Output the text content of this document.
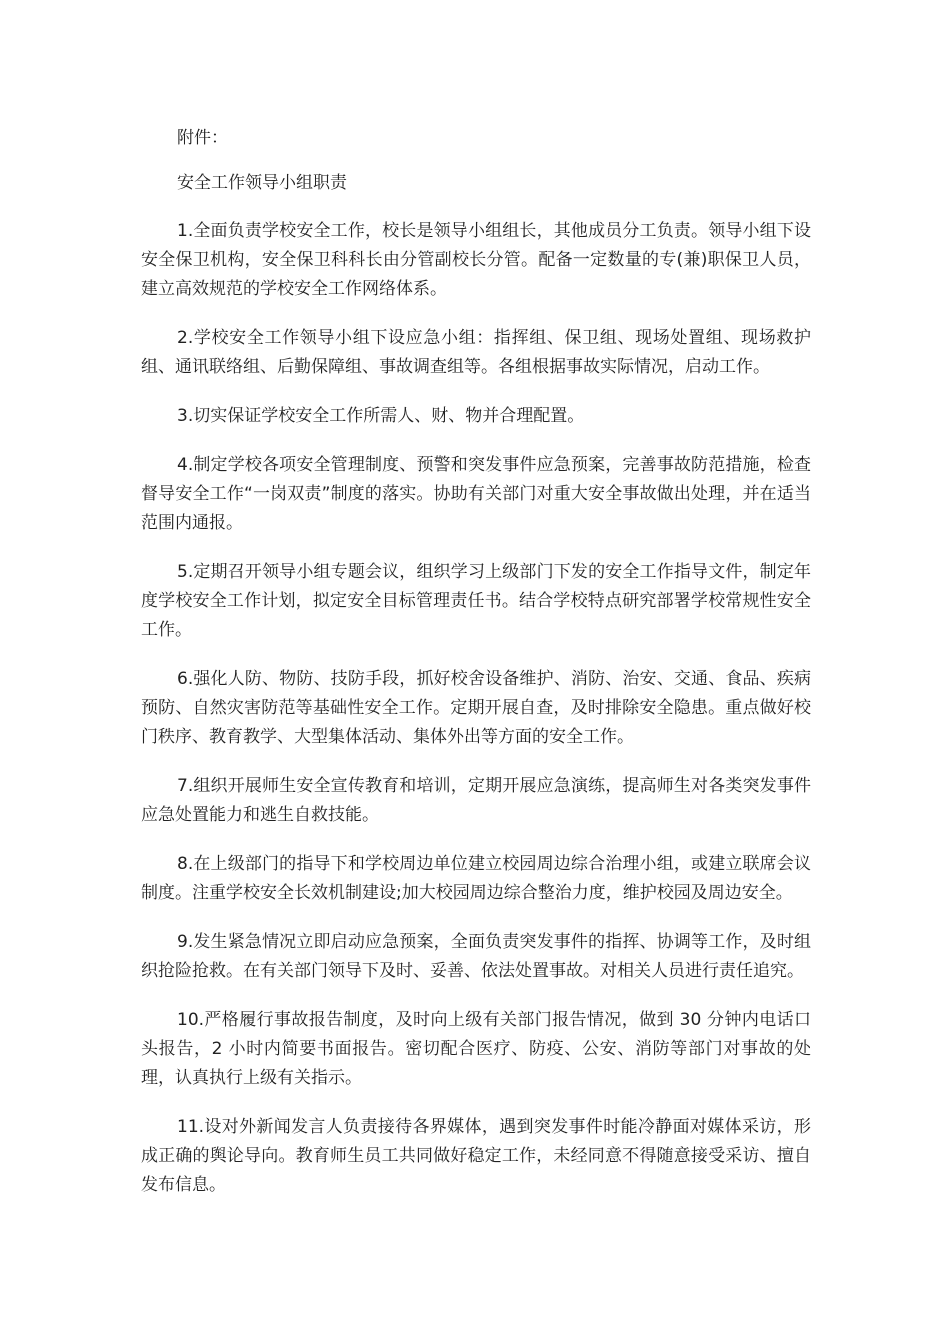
附件：

安全工作领导小组职责

1.全面负责学校安全工作，校长是领导小组组长，其他成员分工负责。领导小组下设安全保卫机构，安全保卫科科长由分管副校长分管。配备一定数量的专(兼)职保卫人员，建立高效规范的学校安全工作网络体系。

2.学校安全工作领导小组下设应急小组：指挥组、保卫组、现场处置组、现场救护组、通讯联络组、后勤保障组、事故调查组等。各组根据事故实际情况，启动工作。

3.切实保证学校安全工作所需人、财、物并合理配置。

4.制定学校各项安全管理制度、预警和突发事件应急预案，完善事故防范措施，检查督导安全工作“一岗双责”制度的落实。协助有关部门对重大安全事故做出处理，并在适当范围内通报。

5.定期召开领导小组专题会议，组织学习上级部门下发的安全工作指导文件，制定年度学校安全工作计划，拟定安全目标管理责任书。结合学校特点研究部署学校常规性安全工作。

6.强化人防、物防、技防手段，抓好校舍设备维护、消防、治安、交通、食品、疾病预防、自然灾害防范等基础性安全工作。定期开展自查，及时排除安全隐患。重点做好校门秩序、教育教学、大型集体活动、集体外出等方面的安全工作。

7.组织开展师生安全宣传教育和培训，定期开展应急演练，提高师生对各类突发事件应急处置能力和逃生自救技能。

8.在上级部门的指导下和学校周边单位建立校园周边综合治理小组，或建立联席会议制度。注重学校安全长效机制建设;加大校园周边综合整治力度，维护校园及周边安全。

9.发生紧急情况立即启动应急预案，全面负责突发事件的指挥、协调等工作，及时组织抢险抢救。在有关部门领导下及时、妥善、依法处置事故。对相关人员进行责任追究。

10.严格履行事故报告制度，及时向上级有关部门报告情况，做到 30 分钟内电话口头报告，2 小时内简要书面报告。密切配合医疗、防疫、公安、消防等部门对事故的处理，认真执行上级有关指示。

11.设对外新闻发言人负责接待各界媒体，遇到突发事件时能冷静面对媒体采访，形成正确的舆论导向。教育师生员工共同做好稳定工作，未经同意不得随意接受采访、擅自发布信息。
